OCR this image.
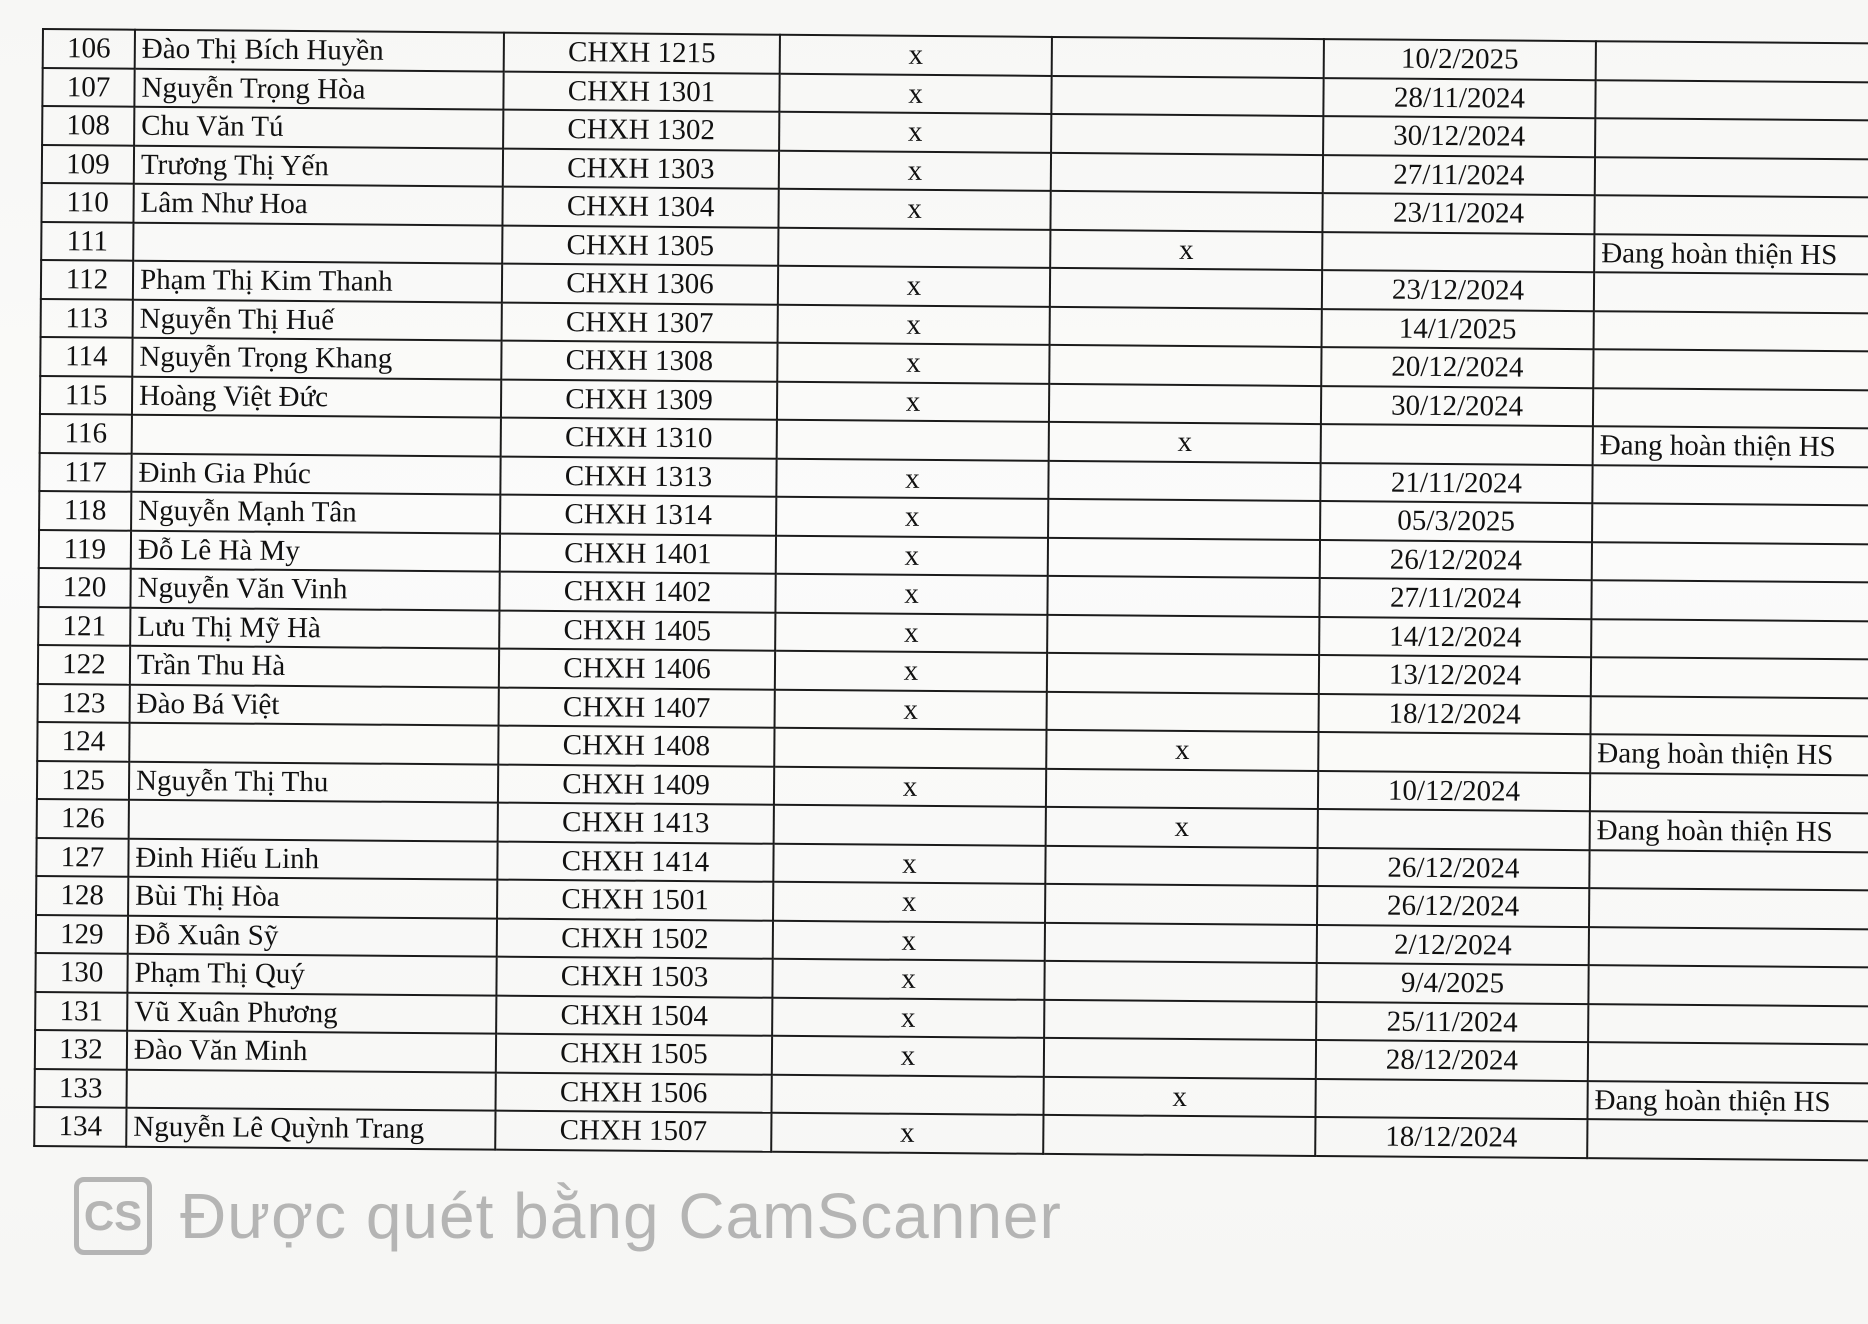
106	Đào Thị Bích Huyền	CHXH 1215	x		10/2/2025	
107	Nguyễn Trọng Hòa	CHXH 1301	x		28/11/2024	
108	Chu Văn Tú	CHXH 1302	x		30/12/2024	
109	Trương Thị Yến	CHXH 1303	x		27/11/2024	
110	Lâm Như Hoa	CHXH 1304	x		23/11/2024	
111		CHXH 1305		x		Đang hoàn thiện HS
112	Phạm Thị Kim Thanh	CHXH 1306	x		23/12/2024	
113	Nguyễn Thị Huế	CHXH 1307	x		14/1/2025	
114	Nguyễn Trọng Khang	CHXH 1308	x		20/12/2024	
115	Hoàng Việt Đức	CHXH 1309	x		30/12/2024	
116		CHXH 1310		x		Đang hoàn thiện HS
117	Đinh Gia Phúc	CHXH 1313	x		21/11/2024	
118	Nguyễn Mạnh Tân	CHXH 1314	x		05/3/2025	
119	Đỗ Lê Hà My	CHXH 1401	x		26/12/2024	
120	Nguyễn Văn Vinh	CHXH 1402	x		27/11/2024	
121	Lưu Thị Mỹ Hà	CHXH 1405	x		14/12/2024	
122	Trần Thu Hà	CHXH 1406	x		13/12/2024	
123	Đào Bá Việt	CHXH 1407	x		18/12/2024	
124		CHXH 1408		x		Đang hoàn thiện HS
125	Nguyễn Thị Thu	CHXH 1409	x		10/12/2024	
126		CHXH 1413		x		Đang hoàn thiện HS
127	Đinh Hiếu Linh	CHXH 1414	x		26/12/2024	
128	Bùi Thị Hòa	CHXH 1501	x		26/12/2024	
129	Đỗ Xuân Sỹ	CHXH 1502	x		2/12/2024	
130	Phạm Thị Quý	CHXH 1503	x		9/4/2025	
131	Vũ Xuân Phương	CHXH 1504	x		25/11/2024	
132	Đào Văn Minh	CHXH 1505	x		28/12/2024	
133		CHXH 1506		x		Đang hoàn thiện HS
134	Nguyễn Lê Quỳnh Trang	CHXH 1507	x		18/12/2024	
CS Được quét bằng CamScanner
